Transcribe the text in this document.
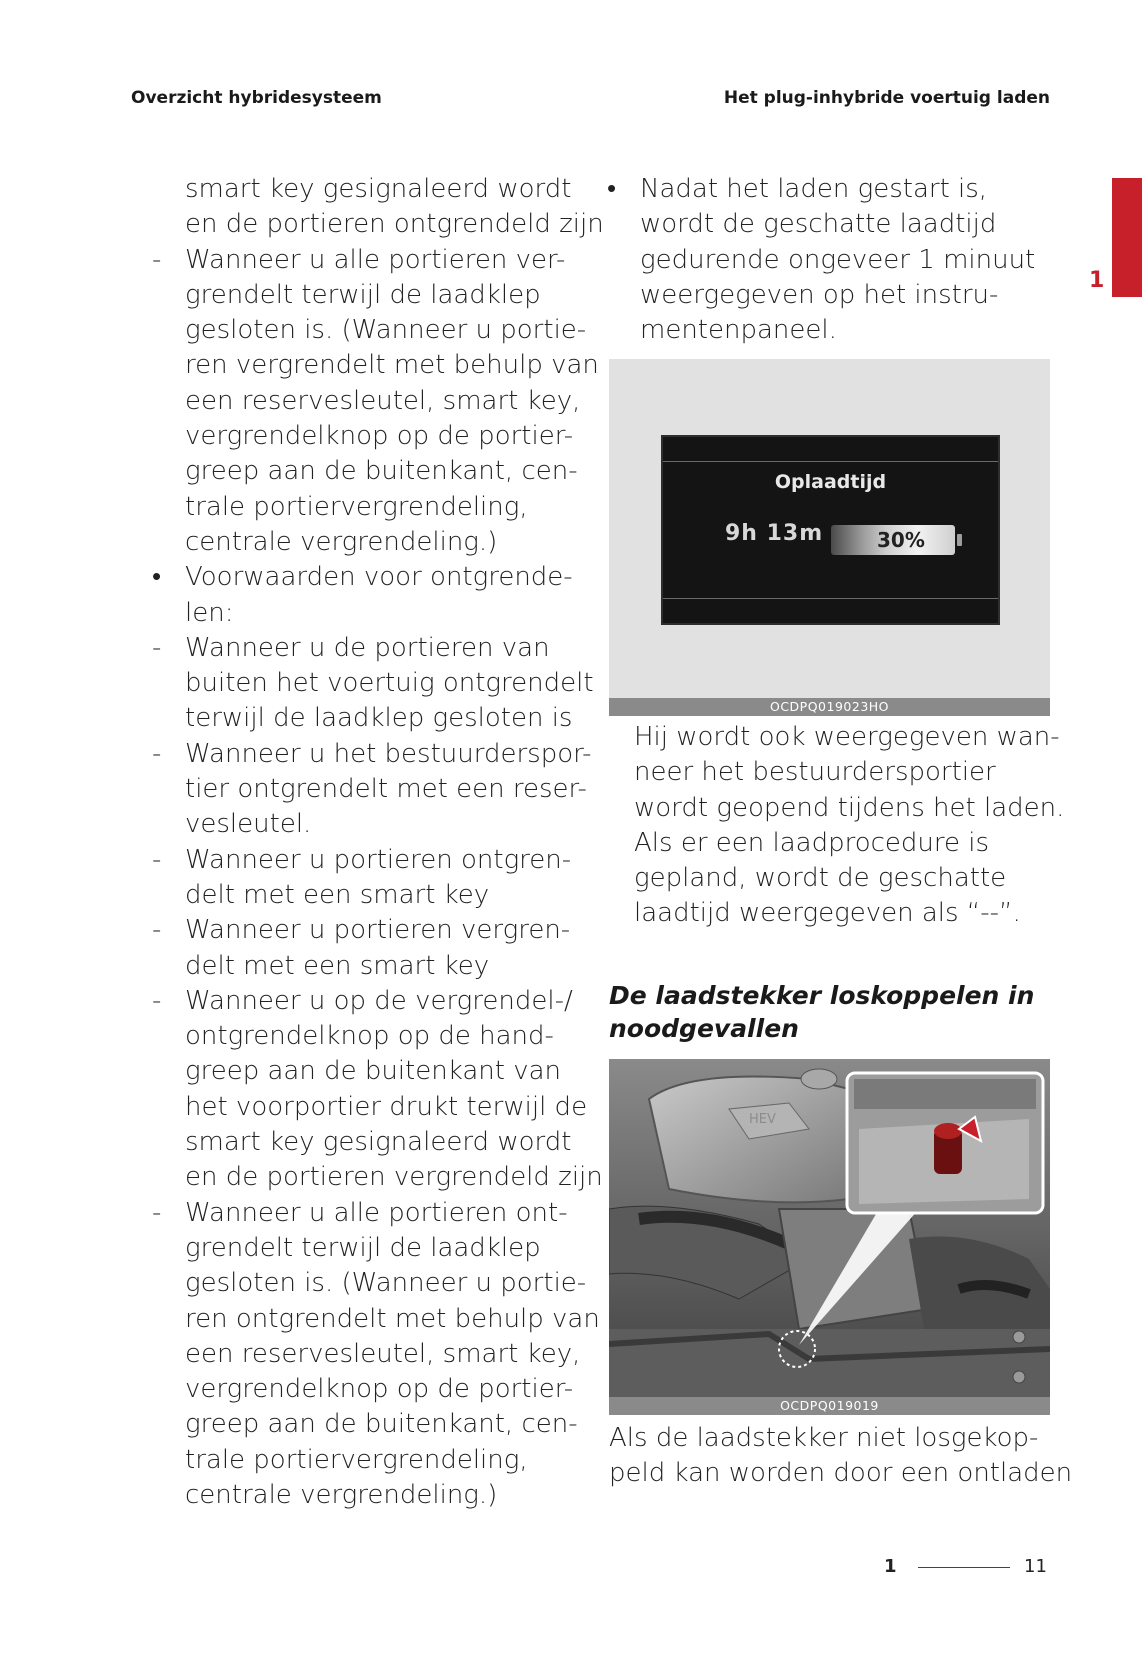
Overzicht hybridesysteem	Het plug-inhybride voertuig laden
1
smart key gesignaleerd wordt
en de portieren ontgrendeld zijn
- Wanneer u alle portieren ver-
grendelt terwijl de laadklep
gesloten is. (Wanneer u portie-
ren vergrendelt met behulp van
een reservesleutel, smart key,
vergrendelknop op de portier-
greep aan de buitenkant, cen-
trale portiervergrendeling,
centrale vergrendeling.)
• Voorwaarden voor ontgrende-
len:
- Wanneer u de portieren van
buiten het voertuig ontgrendelt
terwijl de laadklep gesloten is
- Wanneer u het bestuurderspor-
tier ontgrendelt met een reser-
vesleutel.
- Wanneer u portieren ontgren-
delt met een smart key
- Wanneer u portieren vergren-
delt met een smart key
- Wanneer u op de vergrendel-/
ontgrendelknop op de hand-
greep aan de buitenkant van
het voorportier drukt terwijl de
smart key gesignaleerd wordt
en de portieren vergrendeld zijn
- Wanneer u alle portieren ont-
grendelt terwijl de laadklep
gesloten is. (Wanneer u portie-
ren ontgrendelt met behulp van
een reservesleutel, smart key,
vergrendelknop op de portier-
greep aan de buitenkant, cen-
trale portiervergrendeling,
centrale vergrendeling.)
• Nadat het laden gestart is,
wordt de geschatte laadtijd
gedurende ongeveer 1 minuut
weergegeven op het instru-
mentenpaneel.
Oplaadtijd
9h 13m	30%
OCDPQ019023HO
Hij wordt ook weergegeven wan-
neer het bestuurdersportier
wordt geopend tijdens het laden.
Als er een laadprocedure is
gepland, wordt de geschatte
laadtijd weergegeven als “--”.
De laadstekker loskoppelen in
noodgevallen
HEV
OCDPQ019019
Als de laadstekker niet losgekop-
peld kan worden door een ontladen
1	11
